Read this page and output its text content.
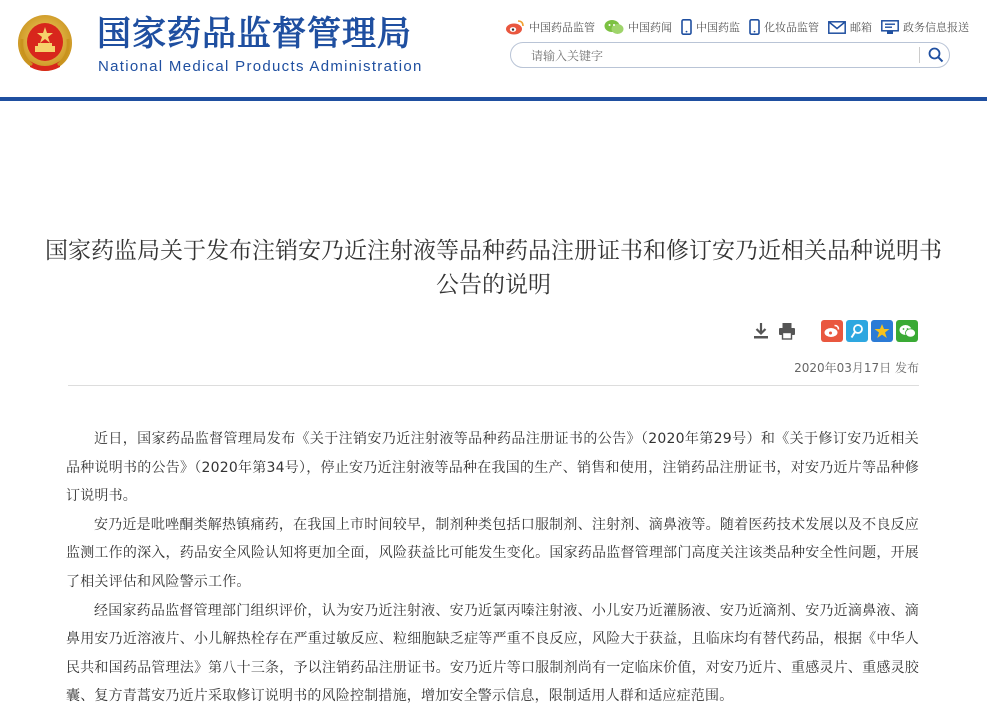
国家药品监督管理局
National Medical Products Administration
中国药品监管	中国药闻 中国药监 化妆品监管	邮箱	政务信息报送
请输入关键字
国家药监局关于发布注销安乃近注射液等品种药品注册证书和修订安乃近相关品种说明书公告的说明
2020年03月17日 发布

近日，国家药品监督管理局发布《关于注销安乃近注射液等品种药品注册证书的公告》（2020年第29号）和《关于修订安乃近相关品种说明书的公告》（2020年第34号），停止安乃近注射液等品种在我国的生产、销售和使用，注销药品注册证书，对安乃近片等品种修订说明书。

安乃近是吡唑酮类解热镇痛药，在我国上市时间较早，制剂种类包括口服制剂、注射剂、滴鼻液等。随着医药技术发展以及不良反应监测工作的深入，药品安全风险认知将更加全面，风险获益比可能发生变化。国家药品监督管理部门高度关注该类品种安全性问题，开展了相关评估和风险警示工作。

经国家药品监督管理部门组织评价，认为安乃近注射液、安乃近氯丙嗪注射液、小儿安乃近灌肠液、安乃近滴剂、安乃近滴鼻液、滴鼻用安乃近溶液片、小儿解热栓存在严重过敏反应、粒细胞缺乏症等严重不良反应，风险大于获益，且临床均有替代药品，根据《中华人民共和国药品管理法》第八十三条，予以注销药品注册证书。安乃近片等口服制剂尚有一定临床价值，对安乃近片、重感灵片、重感灵胶囊、复方青蒿安乃近片采取修订说明书的风险控制措施，增加安全警示信息，限制适用人群和适应症范围。
